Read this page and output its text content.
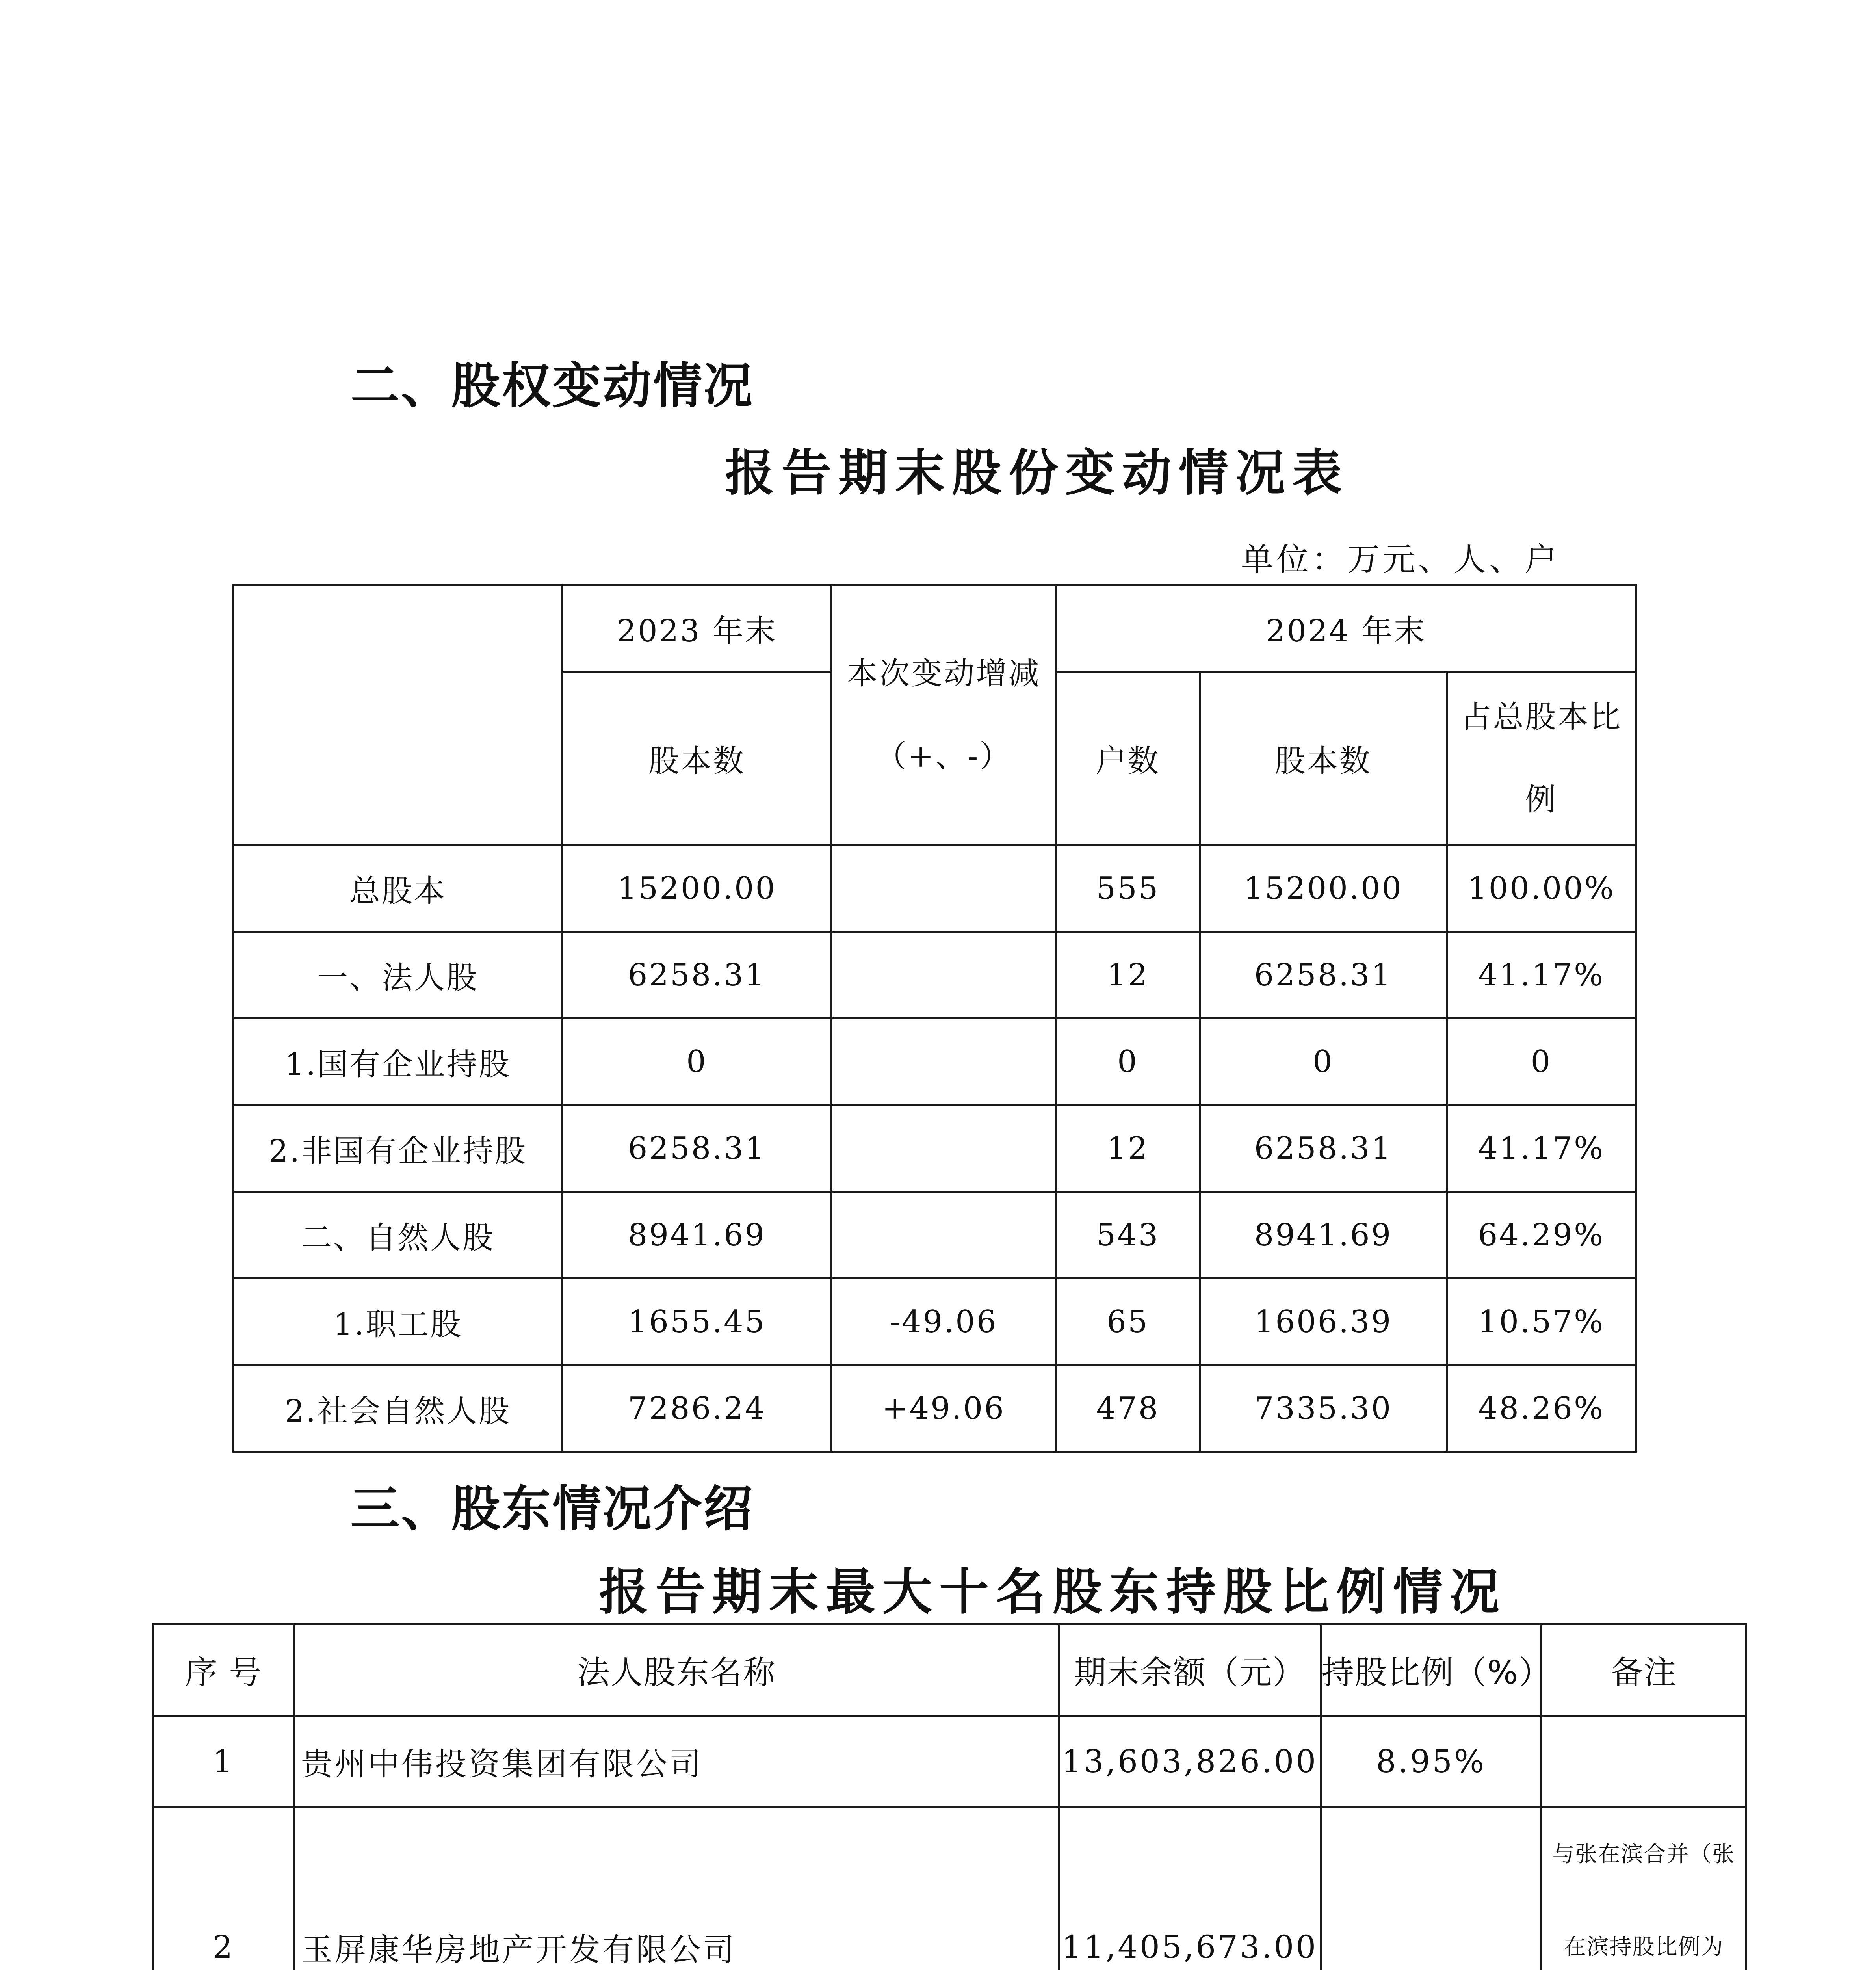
二、股权变动情况
报告期末股份变动情况表
单位：万元、人、户
	2023 年末	本次变动增减（+、-）	2024 年末		
	股本数		户数	股本数	占总股本比例
总股本	15200.00		555	15200.00	100.00%
一、法人股	6258.31		12	6258.31	41.17%
1.国有企业持股	0		0	0	0
2.非国有企业持股	6258.31		12	6258.31	41.17%
二、自然人股	8941.69		543	8941.69	64.29%
1.职工股	1655.45	-49.06	65	1606.39	10.57%
2.社会自然人股	7286.24	+49.06	478	7335.30	48.26%
三、股东情况介绍
报告期末最大十名股东持股比例情况
序 号	法人股东名称	期末余额（元）	持股比例（%）	备注
1	贵州中伟投资集团有限公司	13,603,826.00	8.95%	
2	玉屏康华房地产开发有限公司	11,405,673.00		与张在滨合并（张在滨持股比例为
